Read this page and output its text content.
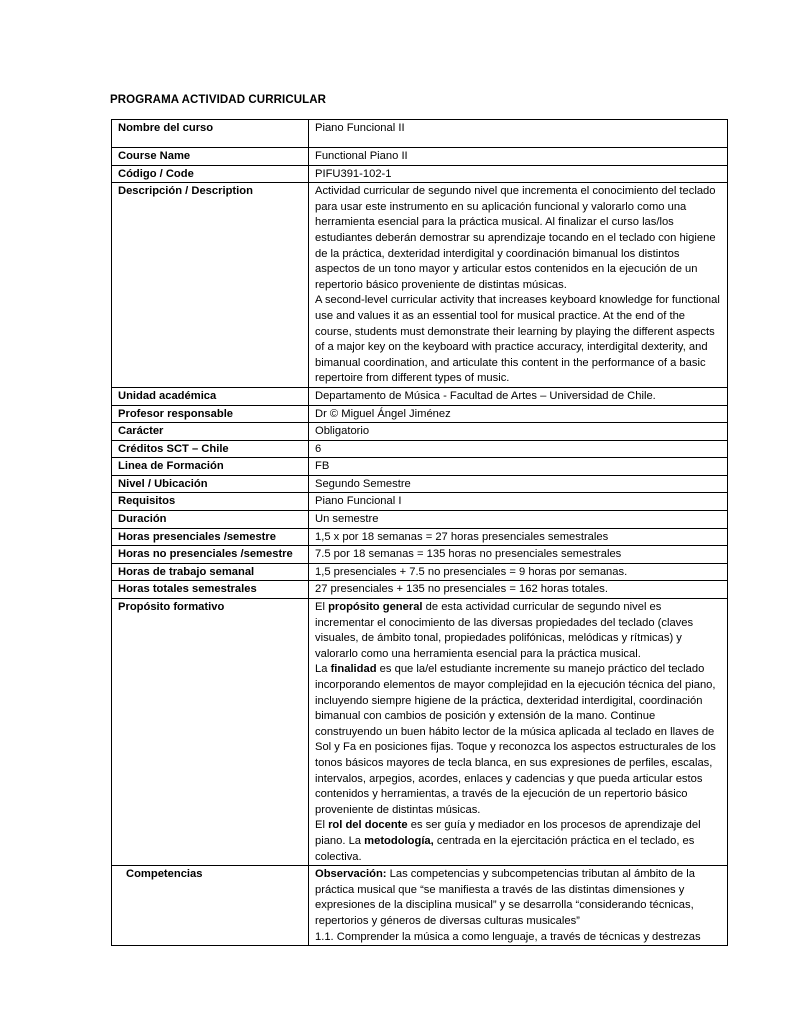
PROGRAMA ACTIVIDAD CURRICULAR
Nombre del curso	Piano Funcional II
Course Name	Functional Piano II
Código / Code	PIFU391-102-1
Descripción / Description	Actividad curricular de segundo nivel que incrementa el conocimiento del teclado para usar este instrumento en su aplicación funcional y valorarlo como una herramienta esencial para la práctica musical. Al finalizar el curso las/los estudiantes deberán demostrar su aprendizaje tocando en el teclado con higiene de la práctica, dexteridad interdigital y coordinación bimanual los distintos aspectos de un tono mayor y articular estos contenidos en la ejecución de un repertorio básico proveniente de distintas músicas.

A second-level curricular activity that increases keyboard knowledge for functional use and values it as an essential tool for musical practice. At the end of the course, students must demonstrate their learning by playing the different aspects of a major key on the keyboard with practice accuracy, interdigital dexterity, and bimanual coordination, and articulate this content in the performance of a basic repertoire from different types of music.

Unidad académica	Departamento de Música - Facultad de Artes – Universidad de Chile.
Profesor responsable	Dr © Miguel Ángel Jiménez
Carácter	Obligatorio
Créditos SCT – Chile	6
Linea de Formación	FB
Nivel / Ubicación	Segundo Semestre
Requisitos	Piano Funcional I
Duración	Un semestre
Horas presenciales /semestre	1,5 x por 18 semanas = 27 horas presenciales semestrales
Horas no presenciales /semestre	7.5 por 18 semanas = 135 horas no presenciales semestrales
Horas de trabajo semanal	1,5 presenciales + 7.5 no presenciales = 9 horas por semanas.
Horas totales semestrales	27 presenciales + 135 no presenciales = 162 horas totales.
Propósito formativo	El propósito general de esta actividad curricular de segundo nivel es incrementar el conocimiento de las diversas propiedades del teclado (claves visuales, de ámbito tonal, propiedades polifónicas, melódicas y rítmicas) y valorarlo como una herramienta esencial para la práctica musical.

La finalidad es que la/el estudiante incremente su manejo práctico del teclado incorporando elementos de mayor complejidad en la ejecución técnica del piano, incluyendo siempre higiene de la práctica, dexteridad interdigital, coordinación bimanual con cambios de posición y extensión de la mano. Continue construyendo un buen hábito lector de la música aplicada al teclado en llaves de Sol y Fa en posiciones fijas. Toque y reconozca los aspectos estructurales de los tonos básicos mayores de tecla blanca, en sus expresiones de perfiles, escalas, intervalos, arpegios, acordes, enlaces y cadencias y que pueda articular estos contenidos y herramientas, a través de la ejecución de un repertorio básico proveniente de distintas músicas.

El rol del docente es ser guía y mediador en los procesos de aprendizaje del piano. La metodología, centrada en la ejercitación práctica en el teclado, es colectiva.

Competencias	Observación: Las competencias y subcompetencias tributan al ámbito de la práctica musical que “se manifiesta a través de las distintas dimensiones y expresiones de la disciplina musical” y se desarrolla “considerando técnicas, repertorios y géneros de diversas culturas musicales”

1.1. Comprender la música a como lenguaje, a través de técnicas y destrezas
